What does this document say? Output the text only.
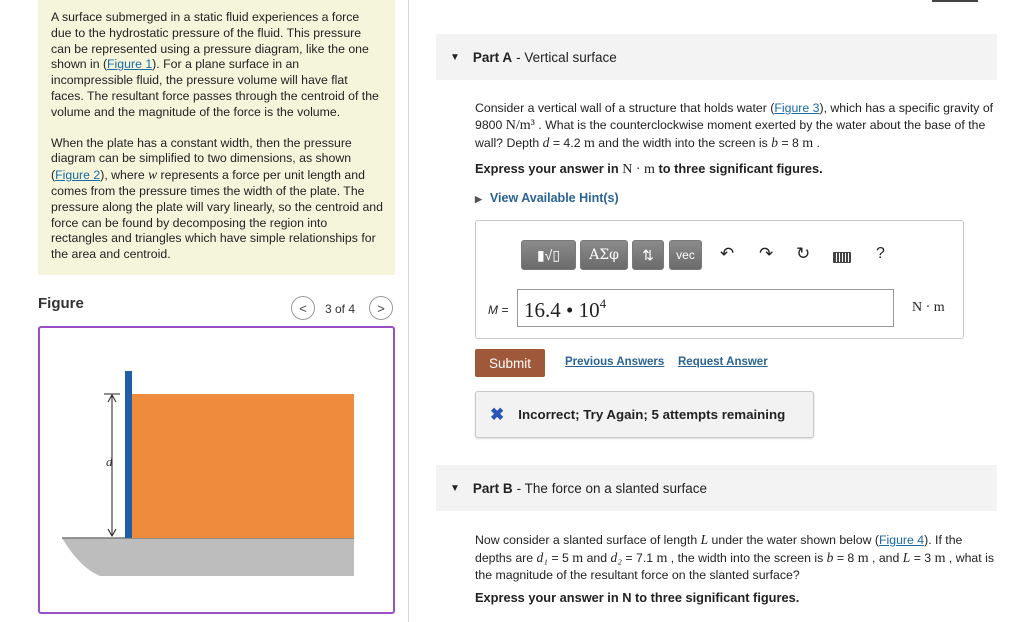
A surface submerged in a static fluid experiences a force due to the hydrostatic pressure of the fluid. This pressure can be represented using a pressure diagram, like the one shown in (Figure 1). For a plane surface in an incompressible fluid, the pressure volume will have flat faces. The resultant force passes through the centroid of the volume and the magnitude of the force is the volume.

When the plate has a constant width, then the pressure diagram can be simplified to two dimensions, as shown (Figure 2), where w represents a force per unit length and comes from the pressure times the width of the plate. The pressure along the plate will vary linearly, so the centroid and force can be found by decomposing the region into rectangles and triangles which have simple relationships for the area and centroid.

Figure	< 3 of 4 >
d
▼ Part A - Vertical surface
Consider a vertical wall of a structure that holds water (Figure 3), which has a specific gravity of 9800 N/m³ . What is the counterclockwise moment exerted by the water about the base of the wall? Depth d = 4.2 m and the width into the screen is b = 8 m .
Express your answer in N · m to three significant figures.
▶ View Available Hint(s)
▮√▯ ΑΣφ ⇅ vec ↶ ↷ ↻	?
M = 16.4 • $10^4$	N · m
Submit	Previous Answers Request Answer
✖ Incorrect; Try Again; 5 attempts remaining
▼ Part B - The force on a slanted surface
Now consider a slanted surface of length L under the water shown below (Figure 4). If the depths are d₁ = 5 m and d₂ = 7.1 m , the width into the screen is b = 8 m , and L = 3 m , what is the magnitude of the resultant force on the slanted surface?
Express your answer in N to three significant figures.
